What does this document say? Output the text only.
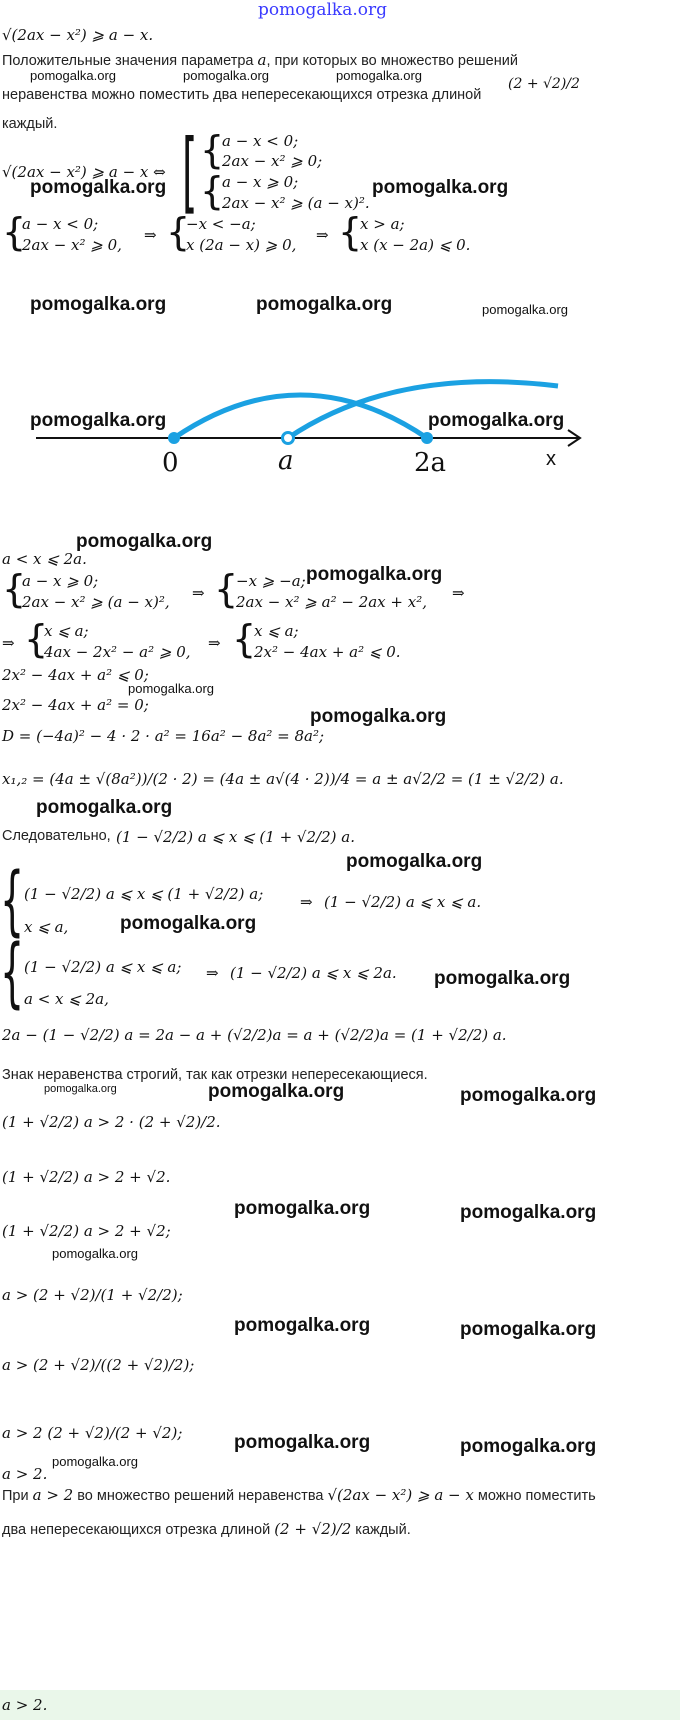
pomogalka.org
√(2ax − x²) ⩾ a − x.
Положительные значения параметра a, при которых во множество решений
неравенства можно поместить два непересекающихся отрезка длиной
(2 + √2)/2
каждый.
√(2ax − x²) ⩾ a − x ⇔ [ {
a − x < 0;
2ax − x² ⩾ 0;
{
a − x ⩾ 0;
2ax − x² ⩾ (a − x)².
{
a − x < 0;
2ax − x² ⩾ 0,
⇒ {
−x < −a;
x (2a − x) ⩾ 0,
⇒ {
x > a;
x (x − 2a) ⩽ 0.
0	a	2a	x
a < x ⩽ 2a.
{
a − x ⩾ 0;
2ax − x² ⩾ (a − x)², ⇒ {
−x ⩾ −a;
2ax − x² ⩾ a² − 2ax + x², ⇒
⇒ {
x ⩽ a;
4ax − 2x² − a² ⩾ 0, ⇒ {
x ⩽ a;
2x² − 4ax + a² ⩽ 0.
2x² − 4ax + a² ⩽ 0;
2x² − 4ax + a² = 0;
D = (−4a)² − 4 · 2 · a² = 16a² − 8a² = 8a²;
x₁,₂ = (4a ± √(8a²))/(2 · 2) = (4a ± a√(4 · 2))/4 = a ± a√2/2 = (1 ± √2/2) a.
Следовательно, (1 − √2/2) a ⩽ x ⩽ (1 + √2/2) a.
{ (1 − √2/2) a ⩽ x ⩽ (1 + √2/2) a;
x ⩽ a,
⇒ (1 − √2/2) a ⩽ x ⩽ a.
{ (1 − √2/2) a ⩽ x ⩽ a;
a < x ⩽ 2a,
⇒ (1 − √2/2) a ⩽ x ⩽ 2a.
2a − (1 − √2/2) a = 2a − a + (√2/2)a = a + (√2/2)a = (1 + √2/2) a.
Знак неравенства строгий, так как отрезки непересекающиеся.
(1 + √2/2) a > 2 · (2 + √2)/2.
(1 + √2/2) a > 2 + √2.
(1 + √2/2) a > 2 + √2;
a > (2 + √2)/(1 + √2/2);
a > (2 + √2)/((2 + √2)/2);
a > 2 (2 + √2)/(2 + √2);
a > 2.
При a > 2 во множество решений неравенства √(2ax − x²) ⩾ a − x можно поместить
два непересекающихся отрезка длиной (2 + √2)/2 каждый.
a > 2.
pomogalka.org	pomogalka.org	pomogalka.org
pomogalka.org	pomogalka.org
pomogalka.org	pomogalka.org	pomogalka.org
pomogalka.org	pomogalka.org
pomogalka.org
pomogalka.org
pomogalka.org
pomogalka.org
pomogalka.org
pomogalka.org
pomogalka.org
pomogalka.org
pomogalka.org	pomogalka.org	pomogalka.org
pomogalka.org	pomogalka.org
pomogalka.org
pomogalka.org	pomogalka.org
pomogalka.org	pomogalka.org
pomogalka.org
